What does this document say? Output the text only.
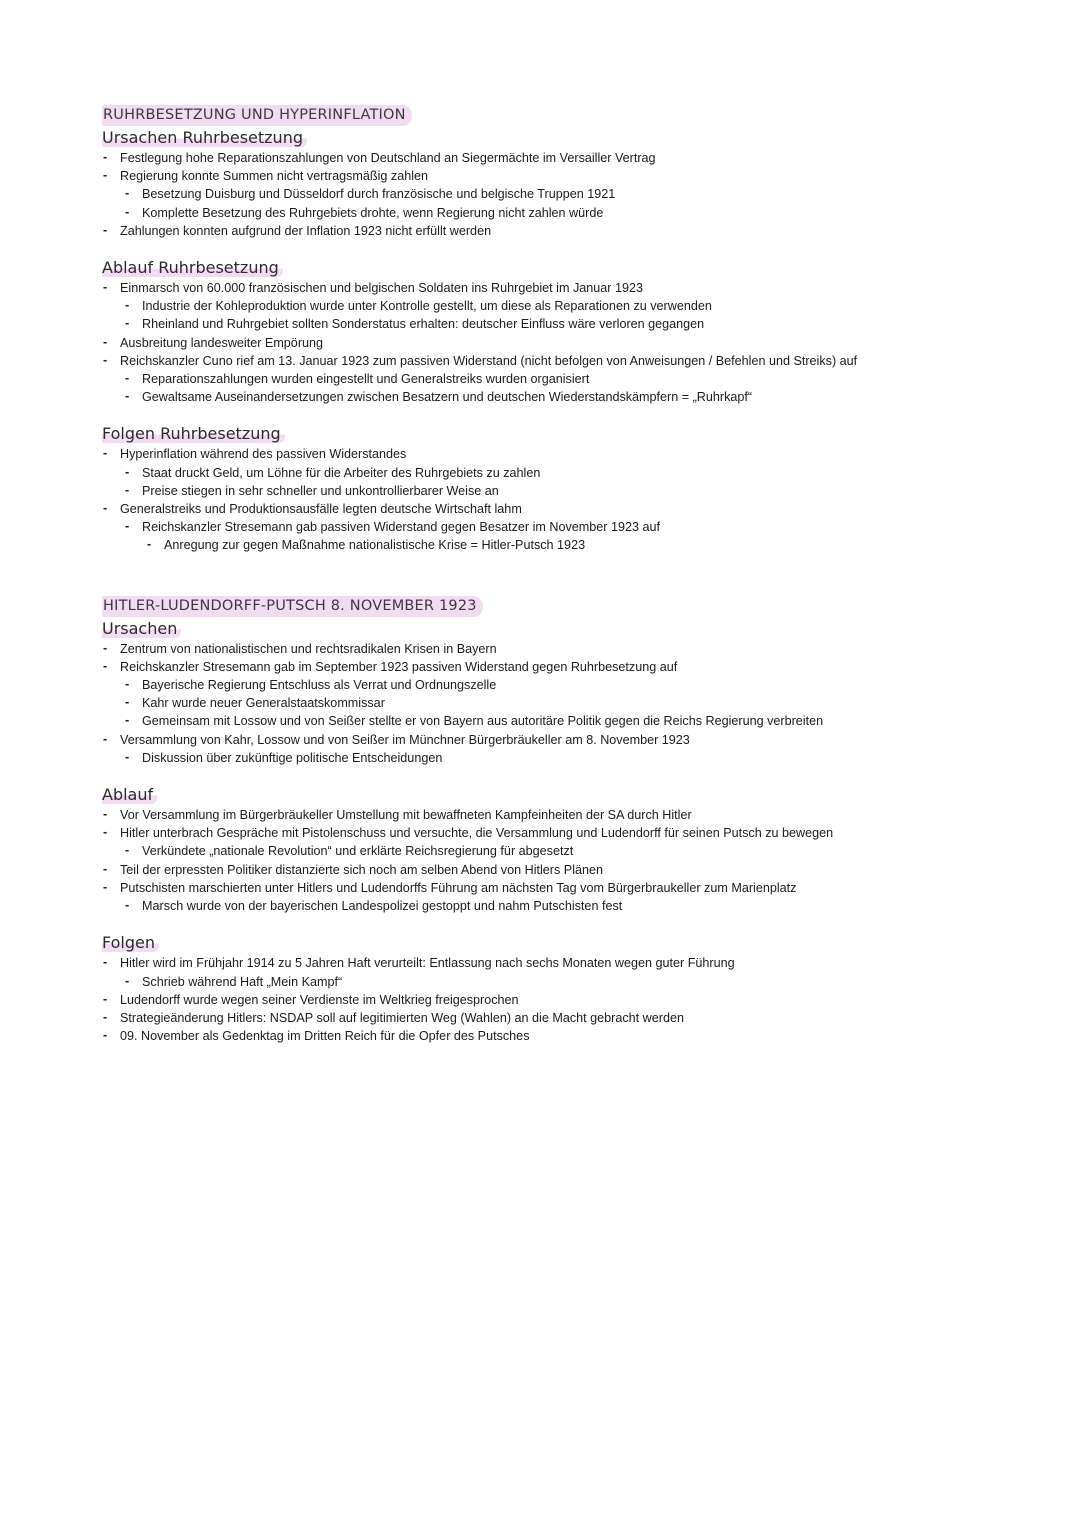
RUHRBESETZUNG UND HYPERINFLATION
Ursachen Ruhrbesetzung
- Festlegung hohe Reparationszahlungen von Deutschland an Siegermächte im Versailler Vertrag
- Regierung konnte Summen nicht vertragsmäßig zahlen
- Besetzung Duisburg und Düsseldorf durch französische und belgische Truppen 1921
- Komplette Besetzung des Ruhrgebiets drohte, wenn Regierung nicht zahlen würde
- Zahlungen konnten aufgrund der Inflation 1923 nicht erfüllt werden
Ablauf Ruhrbesetzung
- Einmarsch von 60.000 französischen und belgischen Soldaten ins Ruhrgebiet im Januar 1923
- Industrie der Kohleproduktion wurde unter Kontrolle gestellt, um diese als Reparationen zu verwenden
- Rheinland und Ruhrgebiet sollten Sonderstatus erhalten: deutscher Einfluss wäre verloren gegangen
- Ausbreitung landesweiter Empörung
- Reichskanzler Cuno rief am 13. Januar 1923 zum passiven Widerstand (nicht befolgen von Anweisungen / Befehlen und Streiks) auf
- Reparationszahlungen wurden eingestellt und Generalstreiks wurden organisiert
- Gewaltsame Auseinandersetzungen zwischen Besatzern und deutschen Wiederstandskämpfern = „Ruhrkapf“
Folgen Ruhrbesetzung
- Hyperinflation während des passiven Widerstandes
- Staat druckt Geld, um Löhne für die Arbeiter des Ruhrgebiets zu zahlen
- Preise stiegen in sehr schneller und unkontrollierbarer Weise an
- Generalstreiks und Produktionsausfälle legten deutsche Wirtschaft lahm
- Reichskanzler Stresemann gab passiven Widerstand gegen Besatzer im November 1923 auf
- Anregung zur gegen Maßnahme nationalistische Krise = Hitler-Putsch 1923
HITLER-LUDENDORFF-PUTSCH 8. NOVEMBER 1923
Ursachen
- Zentrum von nationalistischen und rechtsradikalen Krisen in Bayern
- Reichskanzler Stresemann gab im September 1923 passiven Widerstand gegen Ruhrbesetzung auf
- Bayerische Regierung Entschluss als Verrat und Ordnungszelle
- Kahr wurde neuer Generalstaatskommissar
- Gemeinsam mit Lossow und von Seißer stellte er von Bayern aus autoritäre Politik gegen die Reichs Regierung verbreiten
- Versammlung von Kahr, Lossow und von Seißer im Münchner Bürgerbräukeller am 8. November 1923
- Diskussion über zukünftige politische Entscheidungen
Ablauf
- Vor Versammlung im Bürgerbräukeller Umstellung mit bewaffneten Kampfeinheiten der SA durch Hitler
- Hitler unterbrach Gespräche mit Pistolenschuss und versuchte, die Versammlung und Ludendorff für seinen Putsch zu bewegen
- Verkündete „nationale Revolution“ und erklärte Reichsregierung für abgesetzt
- Teil der erpressten Politiker distanzierte sich noch am selben Abend von Hitlers Plänen
- Putschisten marschierten unter Hitlers und Ludendorffs Führung am nächsten Tag vom Bürgerbraukeller zum Marienplatz
- Marsch wurde von der bayerischen Landespolizei gestoppt und nahm Putschisten fest
Folgen
- Hitler wird im Frühjahr 1914 zu 5 Jahren Haft verurteilt: Entlassung nach sechs Monaten wegen guter Führung
- Schrieb während Haft „Mein Kampf“
- Ludendorff wurde wegen seiner Verdienste im Weltkrieg freigesprochen
- Strategieänderung Hitlers: NSDAP soll auf legitimierten Weg (Wahlen) an die Macht gebracht werden
- 09. November als Gedenktag im Dritten Reich für die Opfer des Putsches
